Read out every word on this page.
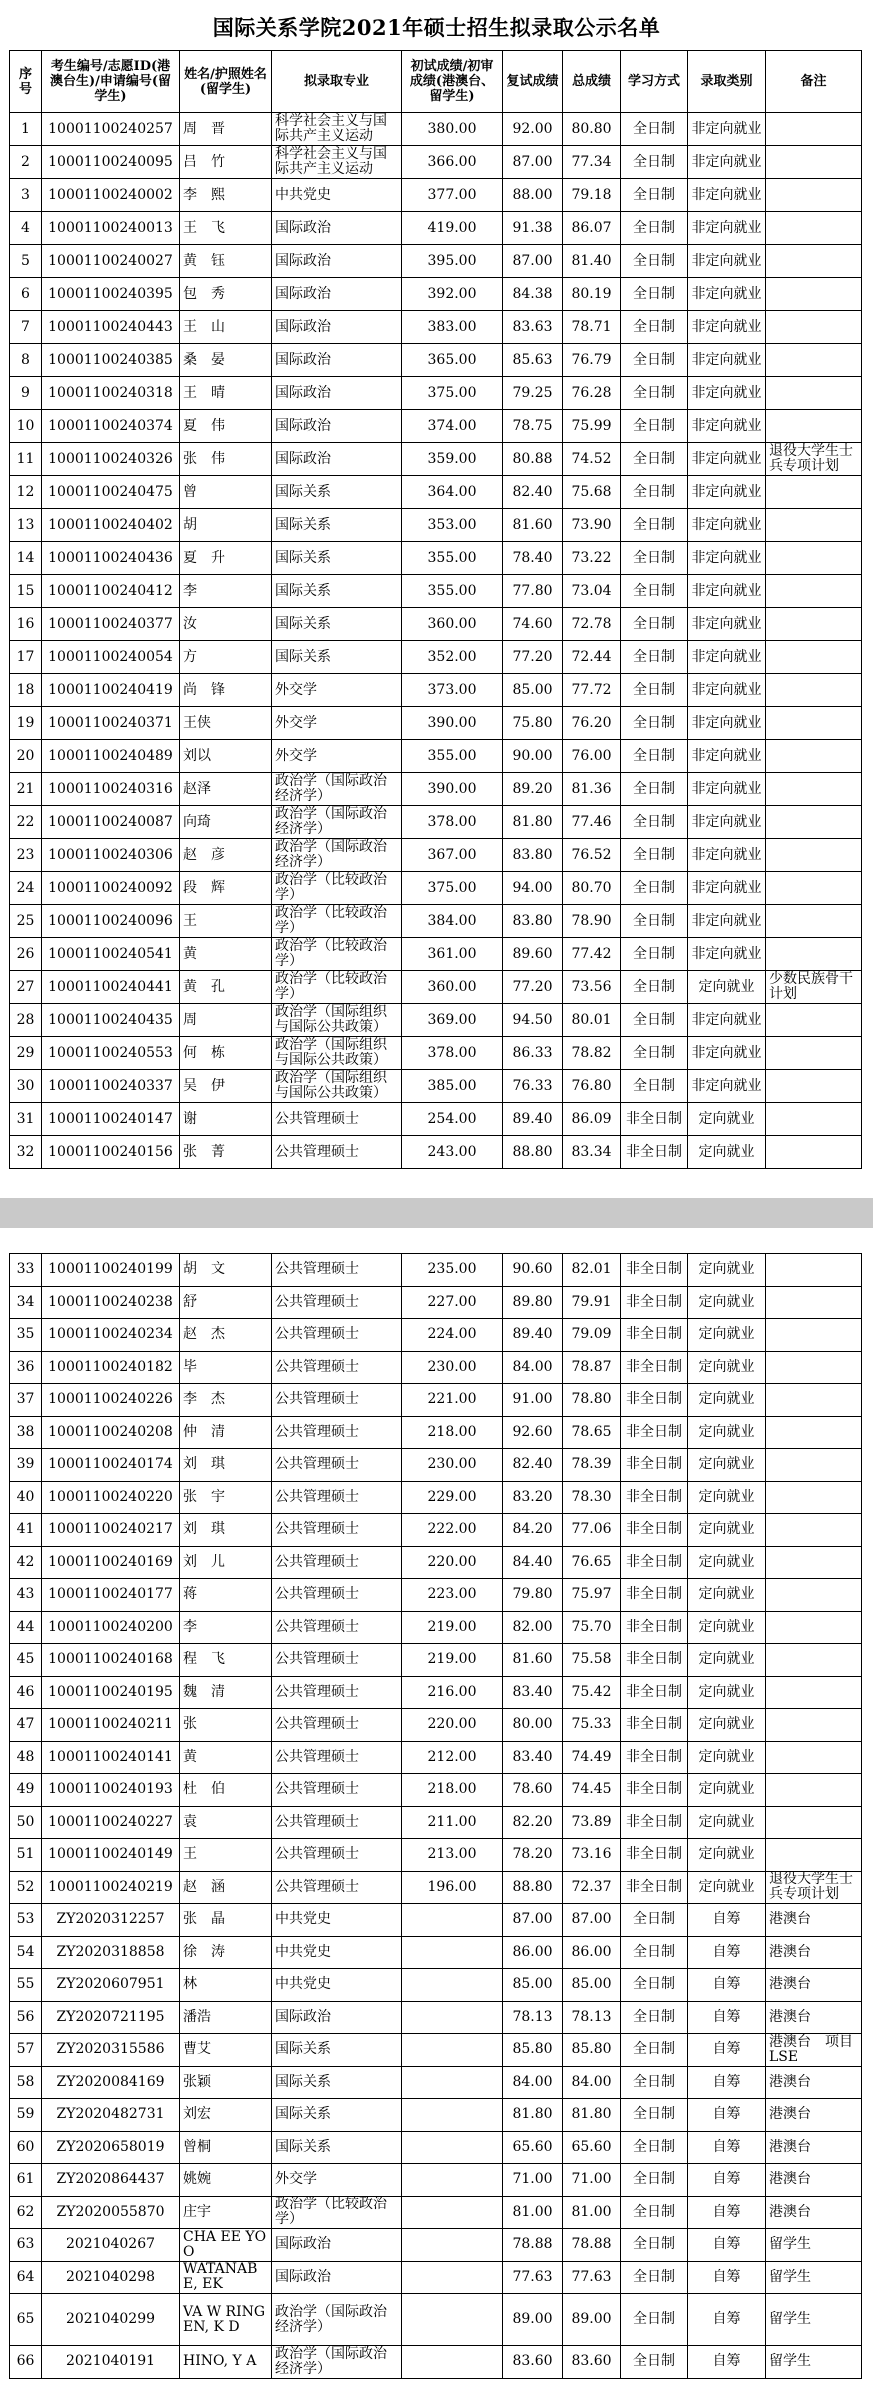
国际关系学院2021年硕士招生拟录取公示名单
序号	考生编号/志愿ID(港澳台生)/申请编号(留学生)	姓名/护照姓名(留学生)	拟录取专业	初试成绩/初审成绩(港澳台、留学生)	复试成绩	总成绩	学习方式	录取类别	备注
1	10001100240257	周　晋	科学社会主义与国际共产主义运动	380.00	92.00	80.80	全日制	非定向就业	
2	10001100240095	吕　竹	科学社会主义与国际共产主义运动	366.00	87.00	77.34	全日制	非定向就业	
3	10001100240002	李　熙	中共党史	377.00	88.00	79.18	全日制	非定向就业	
4	10001100240013	王　飞	国际政治	419.00	91.38	86.07	全日制	非定向就业	
5	10001100240027	黄　钰	国际政治	395.00	87.00	81.40	全日制	非定向就业	
6	10001100240395	包　秀	国际政治	392.00	84.38	80.19	全日制	非定向就业	
7	10001100240443	王　山	国际政治	383.00	83.63	78.71	全日制	非定向就业	
8	10001100240385	桑　晏	国际政治	365.00	85.63	76.79	全日制	非定向就业	
9	10001100240318	王　晴	国际政治	375.00	79.25	76.28	全日制	非定向就业	
10	10001100240374	夏　伟	国际政治	374.00	78.75	75.99	全日制	非定向就业	
11	10001100240326	张　伟	国际政治	359.00	80.88	74.52	全日制	非定向就业	退役大学生士兵专项计划
12	10001100240475	曾	国际关系	364.00	82.40	75.68	全日制	非定向就业	
13	10001100240402	胡	国际关系	353.00	81.60	73.90	全日制	非定向就业	
14	10001100240436	夏　升	国际关系	355.00	78.40	73.22	全日制	非定向就业	
15	10001100240412	李	国际关系	355.00	77.80	73.04	全日制	非定向就业	
16	10001100240377	汝	国际关系	360.00	74.60	72.78	全日制	非定向就业	
17	10001100240054	方	国际关系	352.00	77.20	72.44	全日制	非定向就业	
18	10001100240419	尚　锋	外交学	373.00	85.00	77.72	全日制	非定向就业	
19	10001100240371	王侠	外交学	390.00	75.80	76.20	全日制	非定向就业	
20	10001100240489	刘以	外交学	355.00	90.00	76.00	全日制	非定向就业	
21	10001100240316	赵泽	政治学（国际政治经济学）	390.00	89.20	81.36	全日制	非定向就业	
22	10001100240087	向琦	政治学（国际政治经济学）	378.00	81.80	77.46	全日制	非定向就业	
23	10001100240306	赵　彦	政治学（国际政治经济学）	367.00	83.80	76.52	全日制	非定向就业	
24	10001100240092	段　辉	政治学（比较政治学）	375.00	94.00	80.70	全日制	非定向就业	
25	10001100240096	王	政治学（比较政治学）	384.00	83.80	78.90	全日制	非定向就业	
26	10001100240541	黄	政治学（比较政治学）	361.00	89.60	77.42	全日制	非定向就业	
27	10001100240441	黄　孔	政治学（比较政治学）	360.00	77.20	73.56	全日制	定向就业	少数民族骨干计划
28	10001100240435	周	政治学（国际组织与国际公共政策）	369.00	94.50	80.01	全日制	非定向就业	
29	10001100240553	何　栋	政治学（国际组织与国际公共政策）	378.00	86.33	78.82	全日制	非定向就业	
30	10001100240337	吴　伊	政治学（国际组织与国际公共政策）	385.00	76.33	76.80	全日制	非定向就业	
31	10001100240147	谢	公共管理硕士	254.00	89.40	86.09	非全日制	定向就业	
32	10001100240156	张　菁	公共管理硕士	243.00	88.80	83.34	非全日制	定向就业	
33	10001100240199	胡　文	公共管理硕士	235.00	90.60	82.01	非全日制	定向就业	
34	10001100240238	舒	公共管理硕士	227.00	89.80	79.91	非全日制	定向就业	
35	10001100240234	赵　杰	公共管理硕士	224.00	89.40	79.09	非全日制	定向就业	
36	10001100240182	毕	公共管理硕士	230.00	84.00	78.87	非全日制	定向就业	
37	10001100240226	李　杰	公共管理硕士	221.00	91.00	78.80	非全日制	定向就业	
38	10001100240208	仲　清	公共管理硕士	218.00	92.60	78.65	非全日制	定向就业	
39	10001100240174	刘　琪	公共管理硕士	230.00	82.40	78.39	非全日制	定向就业	
40	10001100240220	张　宇	公共管理硕士	229.00	83.20	78.30	非全日制	定向就业	
41	10001100240217	刘　琪	公共管理硕士	222.00	84.20	77.06	非全日制	定向就业	
42	10001100240169	刘　儿	公共管理硕士	220.00	84.40	76.65	非全日制	定向就业	
43	10001100240177	蒋	公共管理硕士	223.00	79.80	75.97	非全日制	定向就业	
44	10001100240200	李	公共管理硕士	219.00	82.00	75.70	非全日制	定向就业	
45	10001100240168	程　飞	公共管理硕士	219.00	81.60	75.58	非全日制	定向就业	
46	10001100240195	魏　清	公共管理硕士	216.00	83.40	75.42	非全日制	定向就业	
47	10001100240211	张	公共管理硕士	220.00	80.00	75.33	非全日制	定向就业	
48	10001100240141	黄	公共管理硕士	212.00	83.40	74.49	非全日制	定向就业	
49	10001100240193	杜　伯	公共管理硕士	218.00	78.60	74.45	非全日制	定向就业	
50	10001100240227	袁	公共管理硕士	211.00	82.20	73.89	非全日制	定向就业	
51	10001100240149	王	公共管理硕士	213.00	78.20	73.16	非全日制	定向就业	
52	10001100240219	赵　涵	公共管理硕士	196.00	88.80	72.37	非全日制	定向就业	退役大学生士兵专项计划
53	ZY2020312257	张　晶	中共党史		87.00	87.00	全日制	自筹	港澳台
54	ZY2020318858	徐　涛	中共党史		86.00	86.00	全日制	自筹	港澳台
55	ZY2020607951	林	中共党史		85.00	85.00	全日制	自筹	港澳台
56	ZY2020721195	潘浩	国际政治		78.13	78.13	全日制	自筹	港澳台
57	ZY2020315586	曹艾	国际关系		85.80	85.80	全日制	自筹	港澳台　项目 LSE
58	ZY2020084169	张颖	国际关系		84.00	84.00	全日制	自筹	港澳台
59	ZY2020482731	刘宏	国际关系		81.80	81.80	全日制	自筹	港澳台
60	ZY2020658019	曾桐	国际关系		65.60	65.60	全日制	自筹	港澳台
61	ZY2020864437	姚婉	外交学		71.00	71.00	全日制	自筹	港澳台
62	ZY2020055870	庄宇	政治学（比较政治学）		81.00	81.00	全日制	自筹	港澳台
63	2021040267	CHA EE YOO	国际政治		78.88	78.88	全日制	自筹	留学生
64	2021040298	WATANABE, EK	国际政治		77.63	77.63	全日制	自筹	留学生
65	2021040299	VA W RINGEN, K D	政治学（国际政治经济学）		89.00	89.00	全日制	自筹	留学生
66	2021040191	HINO, Y A	政治学（国际政治经济学）		83.60	83.60	全日制	自筹	留学生
